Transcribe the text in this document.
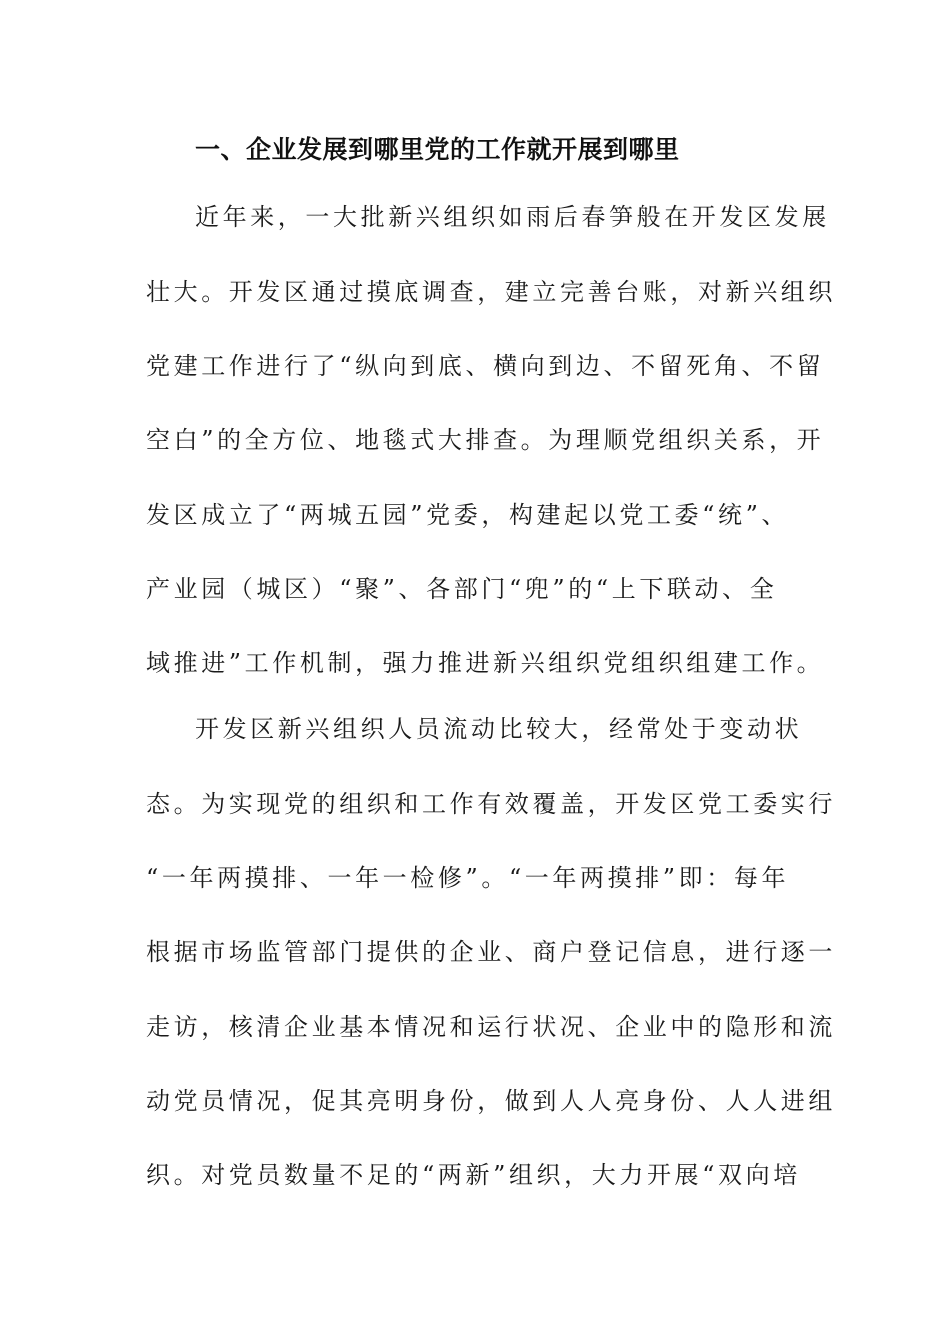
一、企业发展到哪里党的工作就开展到哪里
近年来，一大批新兴组织如雨后春笋般在开发区发展
壮大。开发区通过摸底调查，建立完善台账，对新兴组织
党建工作进行了“纵向到底、横向到边、不留死角、不留
空白”的全方位、地毯式大排查。为理顺党组织关系，开
发区成立了“两城五园”党委，构建起以党工委“统”、
产业园（城区）“聚”、各部门“兜”的“上下联动、全
域推进”工作机制，强力推进新兴组织党组织组建工作。
开发区新兴组织人员流动比较大，经常处于变动状
态。为实现党的组织和工作有效覆盖，开发区党工委实行
“一年两摸排、一年一检修”。“一年两摸排”即：每年
根据市场监管部门提供的企业、商户登记信息，进行逐一
走访，核清企业基本情况和运行状况、企业中的隐形和流
动党员情况，促其亮明身份，做到人人亮身份、人人进组
织。对党员数量不足的“两新”组织，大力开展“双向培
